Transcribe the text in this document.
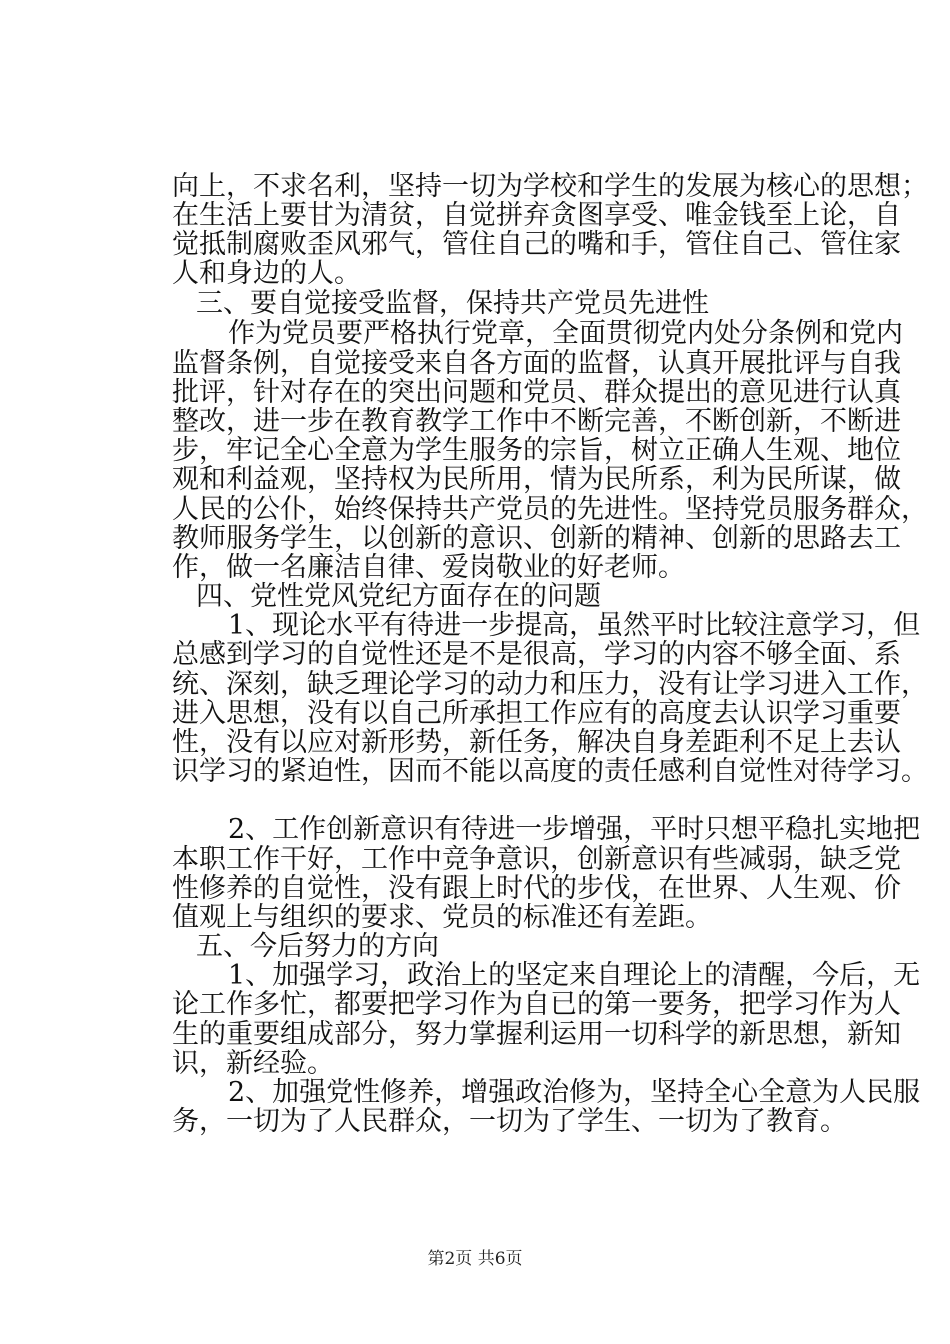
向上，不求名利，坚持一切为学校和学生的发展为核心的思想；
在生活上要甘为清贫，自觉拼弃贪图享受、唯金钱至上论，自
觉抵制腐败歪风邪气，管住自己的嘴和手，管住自己、管住家
人和身边的人。
三、要自觉接受监督，保持共产党员先进性
作为党员要严格执行党章，全面贯彻党内处分条例和党内
监督条例，自觉接受来自各方面的监督，认真开展批评与自我
批评，针对存在的突出问题和党员、群众提出的意见进行认真
整改，进一步在教育教学工作中不断完善，不断创新，不断进
步，牢记全心全意为学生服务的宗旨，树立正确人生观、地位
观和利益观，坚持权为民所用，情为民所系，利为民所谋，做
人民的公仆，始终保持共产党员的先进性。坚持党员服务群众，
教师服务学生，以创新的意识、创新的精神、创新的思路去工
作，做一名廉洁自律、爱岗敬业的好老师。
四、党性党风党纪方面存在的问题
1、现论水平有待进一步提高，虽然平时比较注意学习，但
总感到学习的自觉性还是不是很高，学习的内容不够全面、系
统、深刻，缺乏理论学习的动力和压力，没有让学习进入工作，
进入思想，没有以自己所承担工作应有的高度去认识学习重要
性，没有以应对新形势，新任务，解决自身差距利不足上去认
识学习的紧迫性，因而不能以高度的责任感利自觉性对待学习。
2、工作创新意识有待进一步增强，平时只想平稳扎实地把
本职工作干好，工作中竞争意识，创新意识有些减弱，缺乏党
性修养的自觉性，没有跟上时代的步伐，在世界、人生观、价
值观上与组织的要求、党员的标准还有差距。
五、今后努力的方向
1、加强学习，政治上的坚定来自理论上的清醒，今后，无
论工作多忙，都要把学习作为自已的第一要务，把学习作为人
生的重要组成部分，努力掌握利运用一切科学的新思想，新知
识，新经验。
2、加强党性修养，增强政治修为，坚持全心全意为人民服
务，一切为了人民群众，一切为了学生、一切为了教育。
第2页 共6页
